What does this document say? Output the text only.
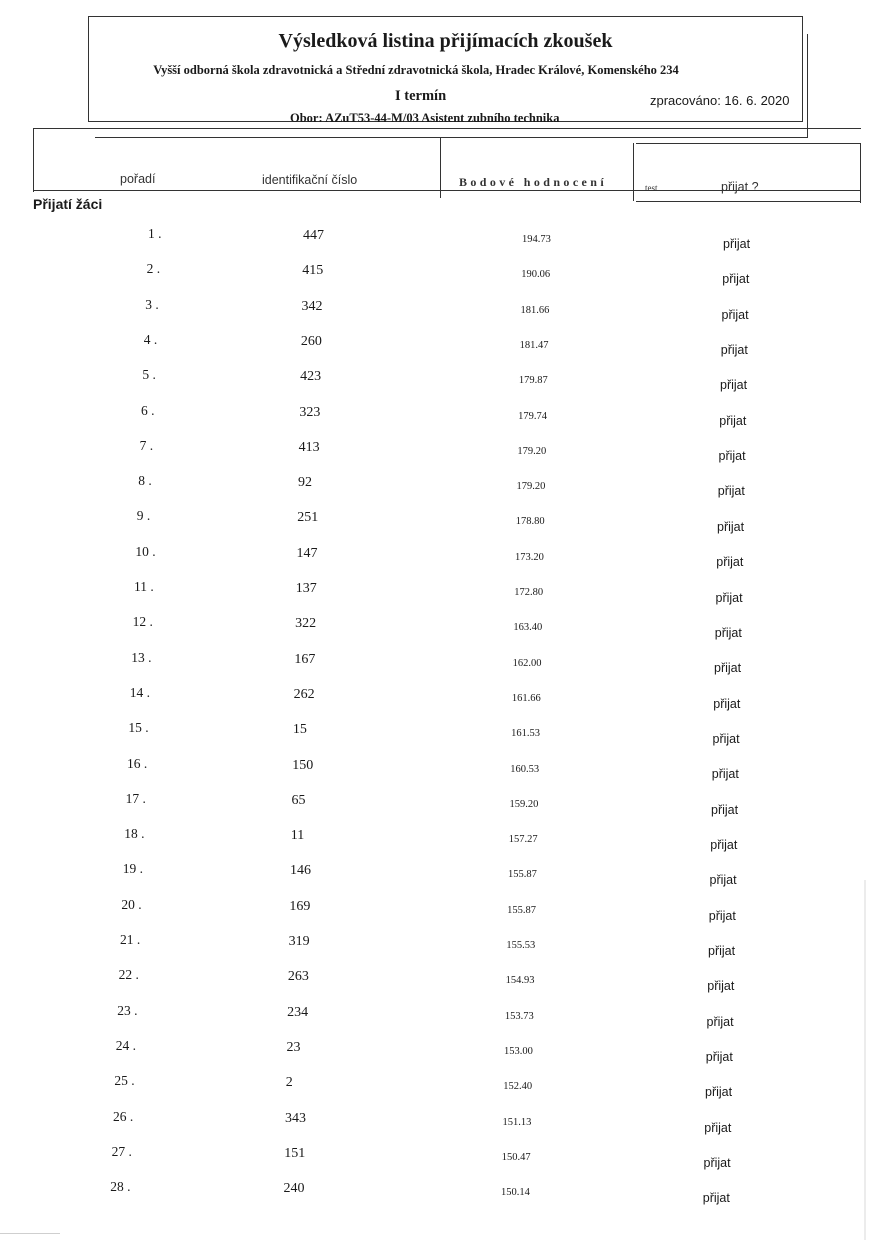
Výsledková listina přijímacích zkoušek
Vyšší odborná škola zdravotnická a Střední zdravotnická škola, Hradec Králové, Komenského 234
I termín	zpracováno: 16. 6. 2020
Obor: AZuT53-44-M/03 Asistent zubního technika
pořadí	identifikační číslo	Bodové hodnocení	test	přijat ?
Přijatí žáci
1 .	447	194.73	přijat
2 .	415	190.06	přijat
3 .	342	181.66	přijat
4 .	260	181.47	přijat
5 .	423	179.87	přijat
6 .	323	179.74	přijat
7 .	413	179.20	přijat
8 .	92	179.20	přijat
9 .	251	178.80	přijat
10 .	147	173.20	přijat
11 .	137	172.80	přijat
12 .	322	163.40	přijat
13 .	167	162.00	přijat
14 .	262	161.66	přijat
15 .	15	161.53	přijat
16 .	150	160.53	přijat
17 .	65	159.20	přijat
18 .	11	157.27	přijat
19 .	146	155.87	přijat
20 .	169	155.87	přijat
21 .	319	155.53	přijat
22 .	263	154.93	přijat
23 .	234	153.73	přijat
24 .	23	153.00	přijat
25 .	2	152.40	přijat
26 .	343	151.13	přijat
27 .	151	150.47	přijat
28 .	240	150.14	přijat
